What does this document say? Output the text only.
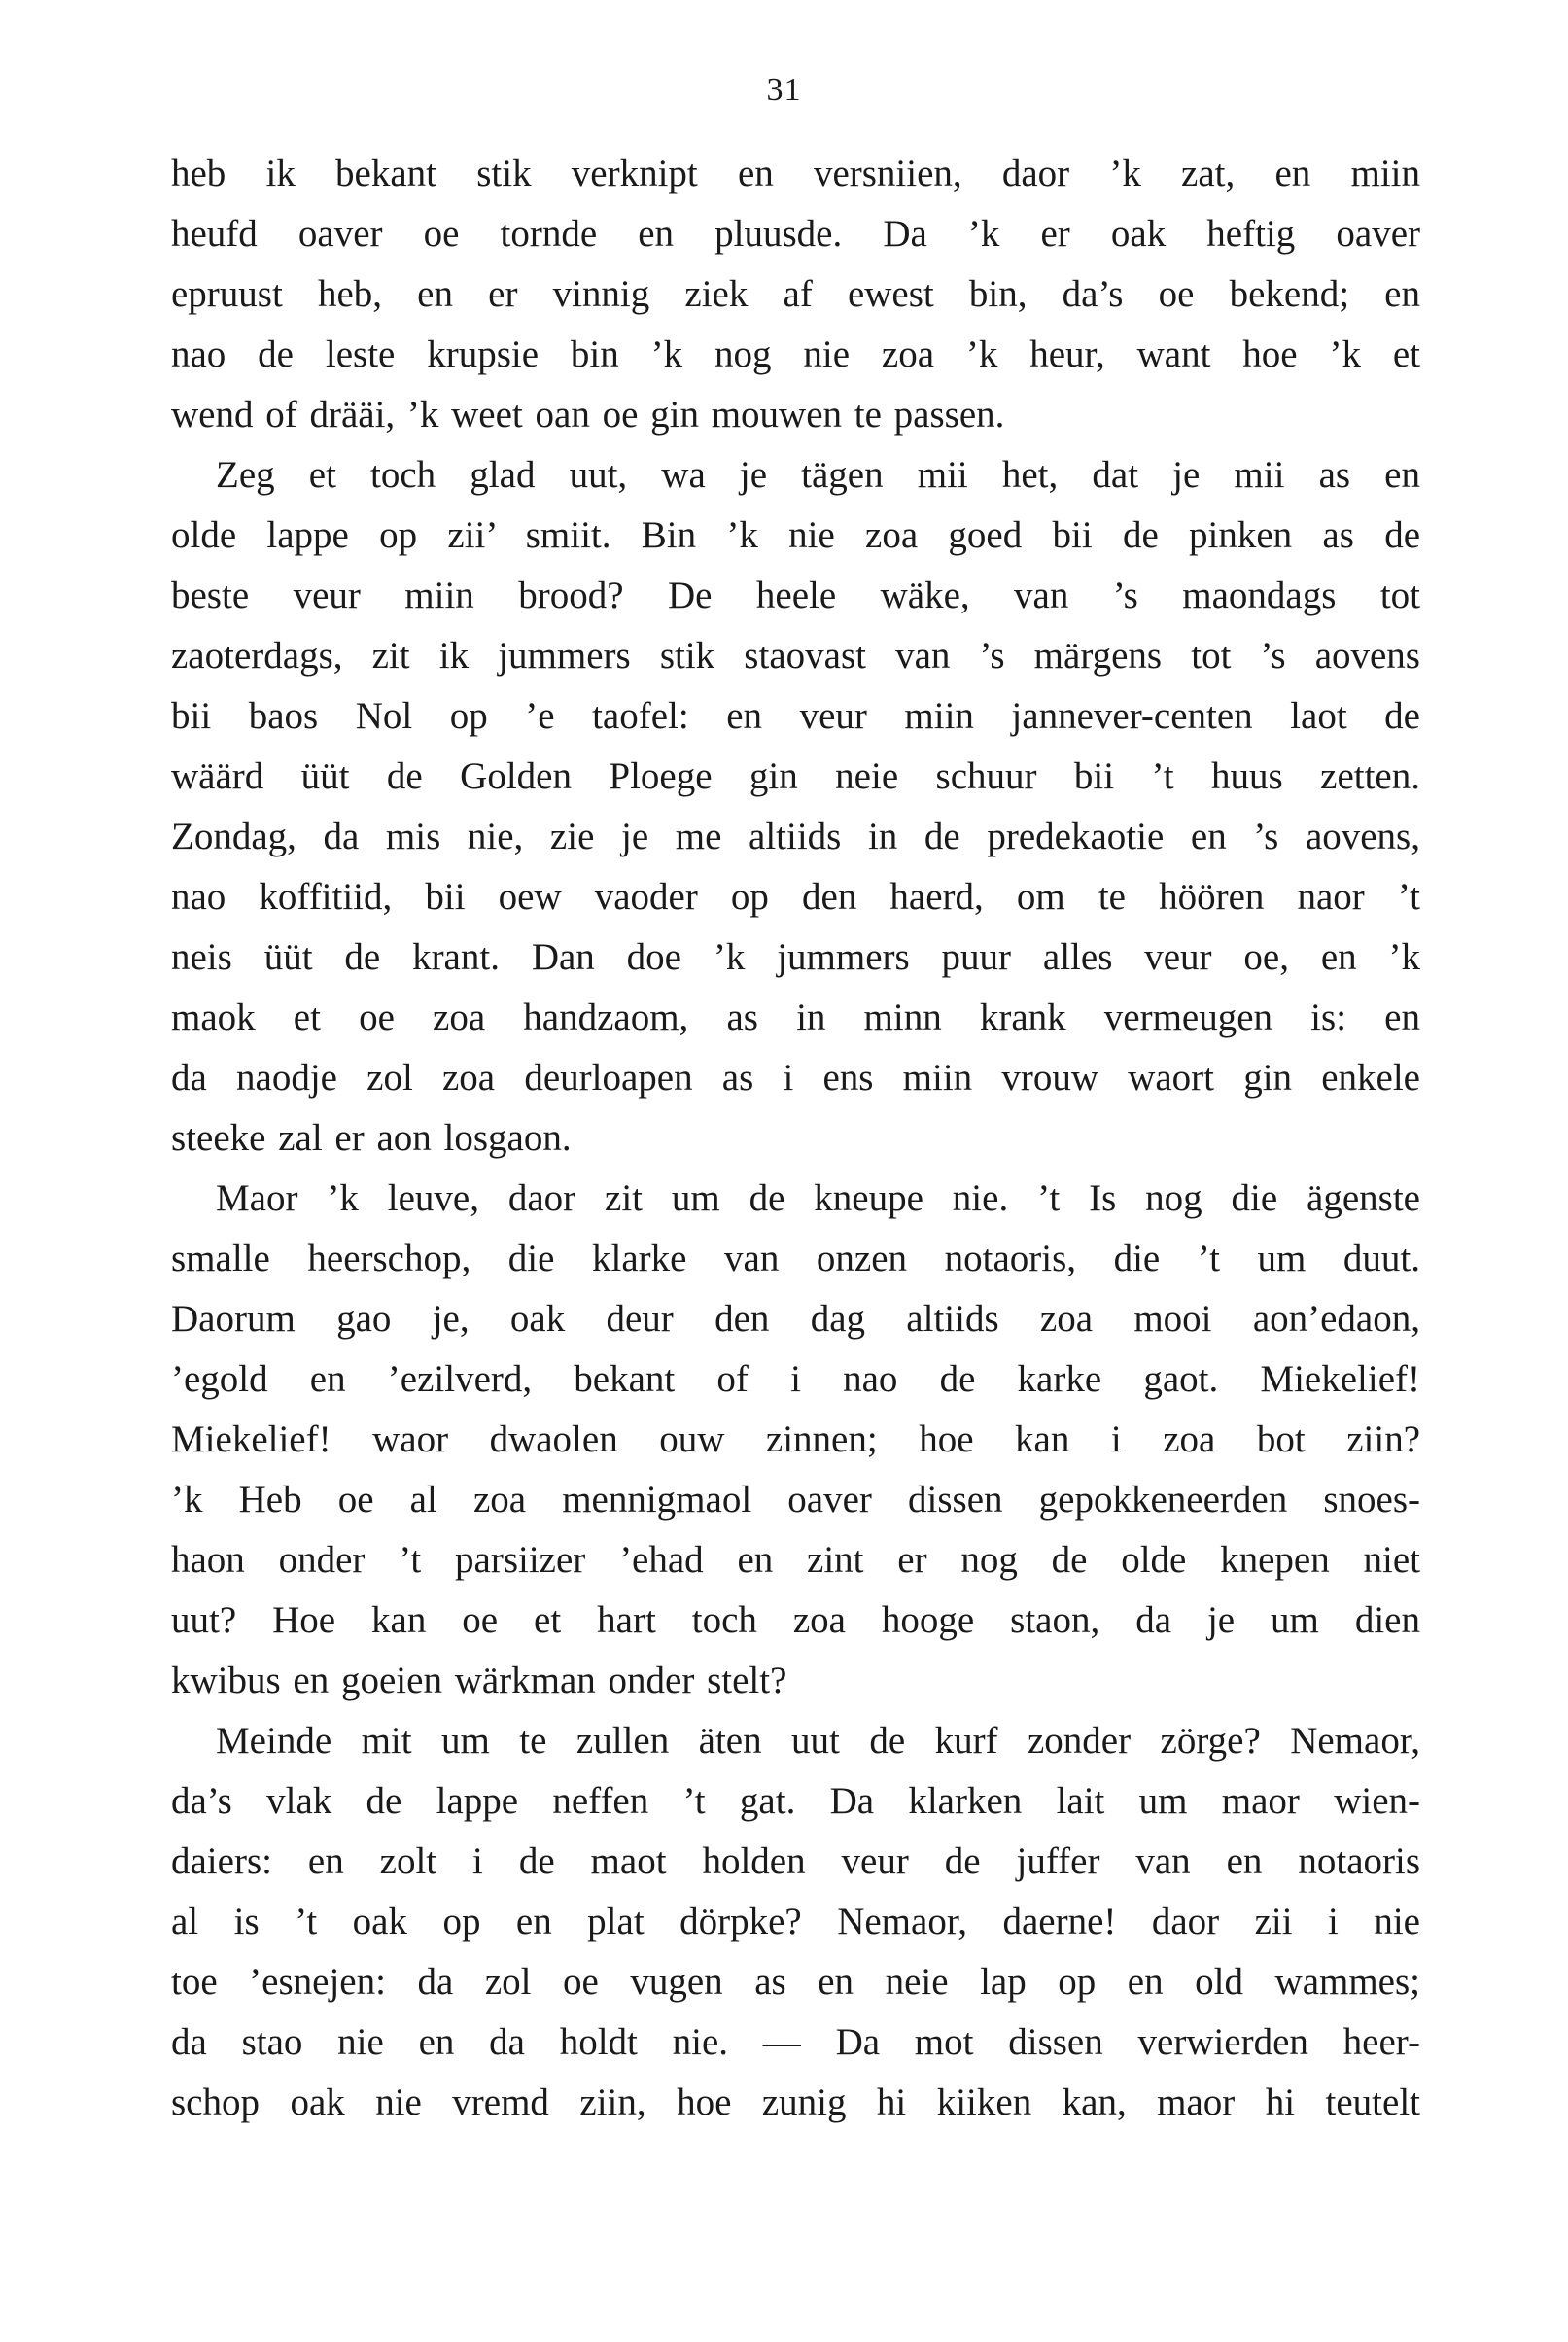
31
heb ik bekant stik verknipt en versniien, daor ’k zat, en miin
heufd oaver oe tornde en pluusde. Da ’k er oak heftig oaver
epruust heb, en er vinnig ziek af ewest bin, da’s oe bekend; en
nao de leste krupsie bin ’k nog nie zoa ’k heur, want hoe ’k et
wend of drääi, ’k weet oan oe gin mouwen te passen.
Zeg et toch glad uut, wa je tägen mii het, dat je mii as en
olde lappe op zii’ smiit. Bin ’k nie zoa goed bii de pinken as de
beste veur miin brood? De heele wäke, van ’s maondags tot
zaoterdags, zit ik jummers stik staovast van ’s märgens tot ’s aovens
bii baos Nol op ’e taofel: en veur miin jannever-centen laot de
wäärd üüt de Golden Ploege gin neie schuur bii ’t huus zetten.
Zondag, da mis nie, zie je me altiids in de predekaotie en ’s aovens,
nao koffitiid, bii oew vaoder op den haerd, om te höören naor ’t
neis üüt de krant. Dan doe ’k jummers puur alles veur oe, en ’k
maok et oe zoa handzaom, as in minn krank vermeugen is: en
da naodje zol zoa deurloapen as i ens miin vrouw waort gin enkele
steeke zal er aon losgaon.
Maor ’k leuve, daor zit um de kneupe nie. ’t Is nog die ägenste
smalle heerschop, die klarke van onzen notaoris, die ’t um duut.
Daorum gao je, oak deur den dag altiids zoa mooi aon’edaon,
’egold en ’ezilverd, bekant of i nao de karke gaot. Miekelief!
Miekelief! waor dwaolen ouw zinnen; hoe kan i zoa bot ziin?
’k Heb oe al zoa mennigmaol oaver dissen gepokkeneerden snoes-
haon onder ’t parsiizer ’ehad en zint er nog de olde knepen niet
uut? Hoe kan oe et hart toch zoa hooge staon, da je um dien
kwibus en goeien wärkman onder stelt?
Meinde mit um te zullen äten uut de kurf zonder zörge? Nemaor,
da’s vlak de lappe neffen ’t gat. Da klarken lait um maor wien-
daiers: en zolt i de maot holden veur de juffer van en notaoris
al is ’t oak op en plat dörpke? Nemaor, daerne! daor zii i nie
toe ’esnejen: da zol oe vugen as en neie lap op en old wammes;
da stao nie en da holdt nie. — Da mot dissen verwierden heer-
schop oak nie vremd ziin, hoe zunig hi kiiken kan, maor hi teutelt
